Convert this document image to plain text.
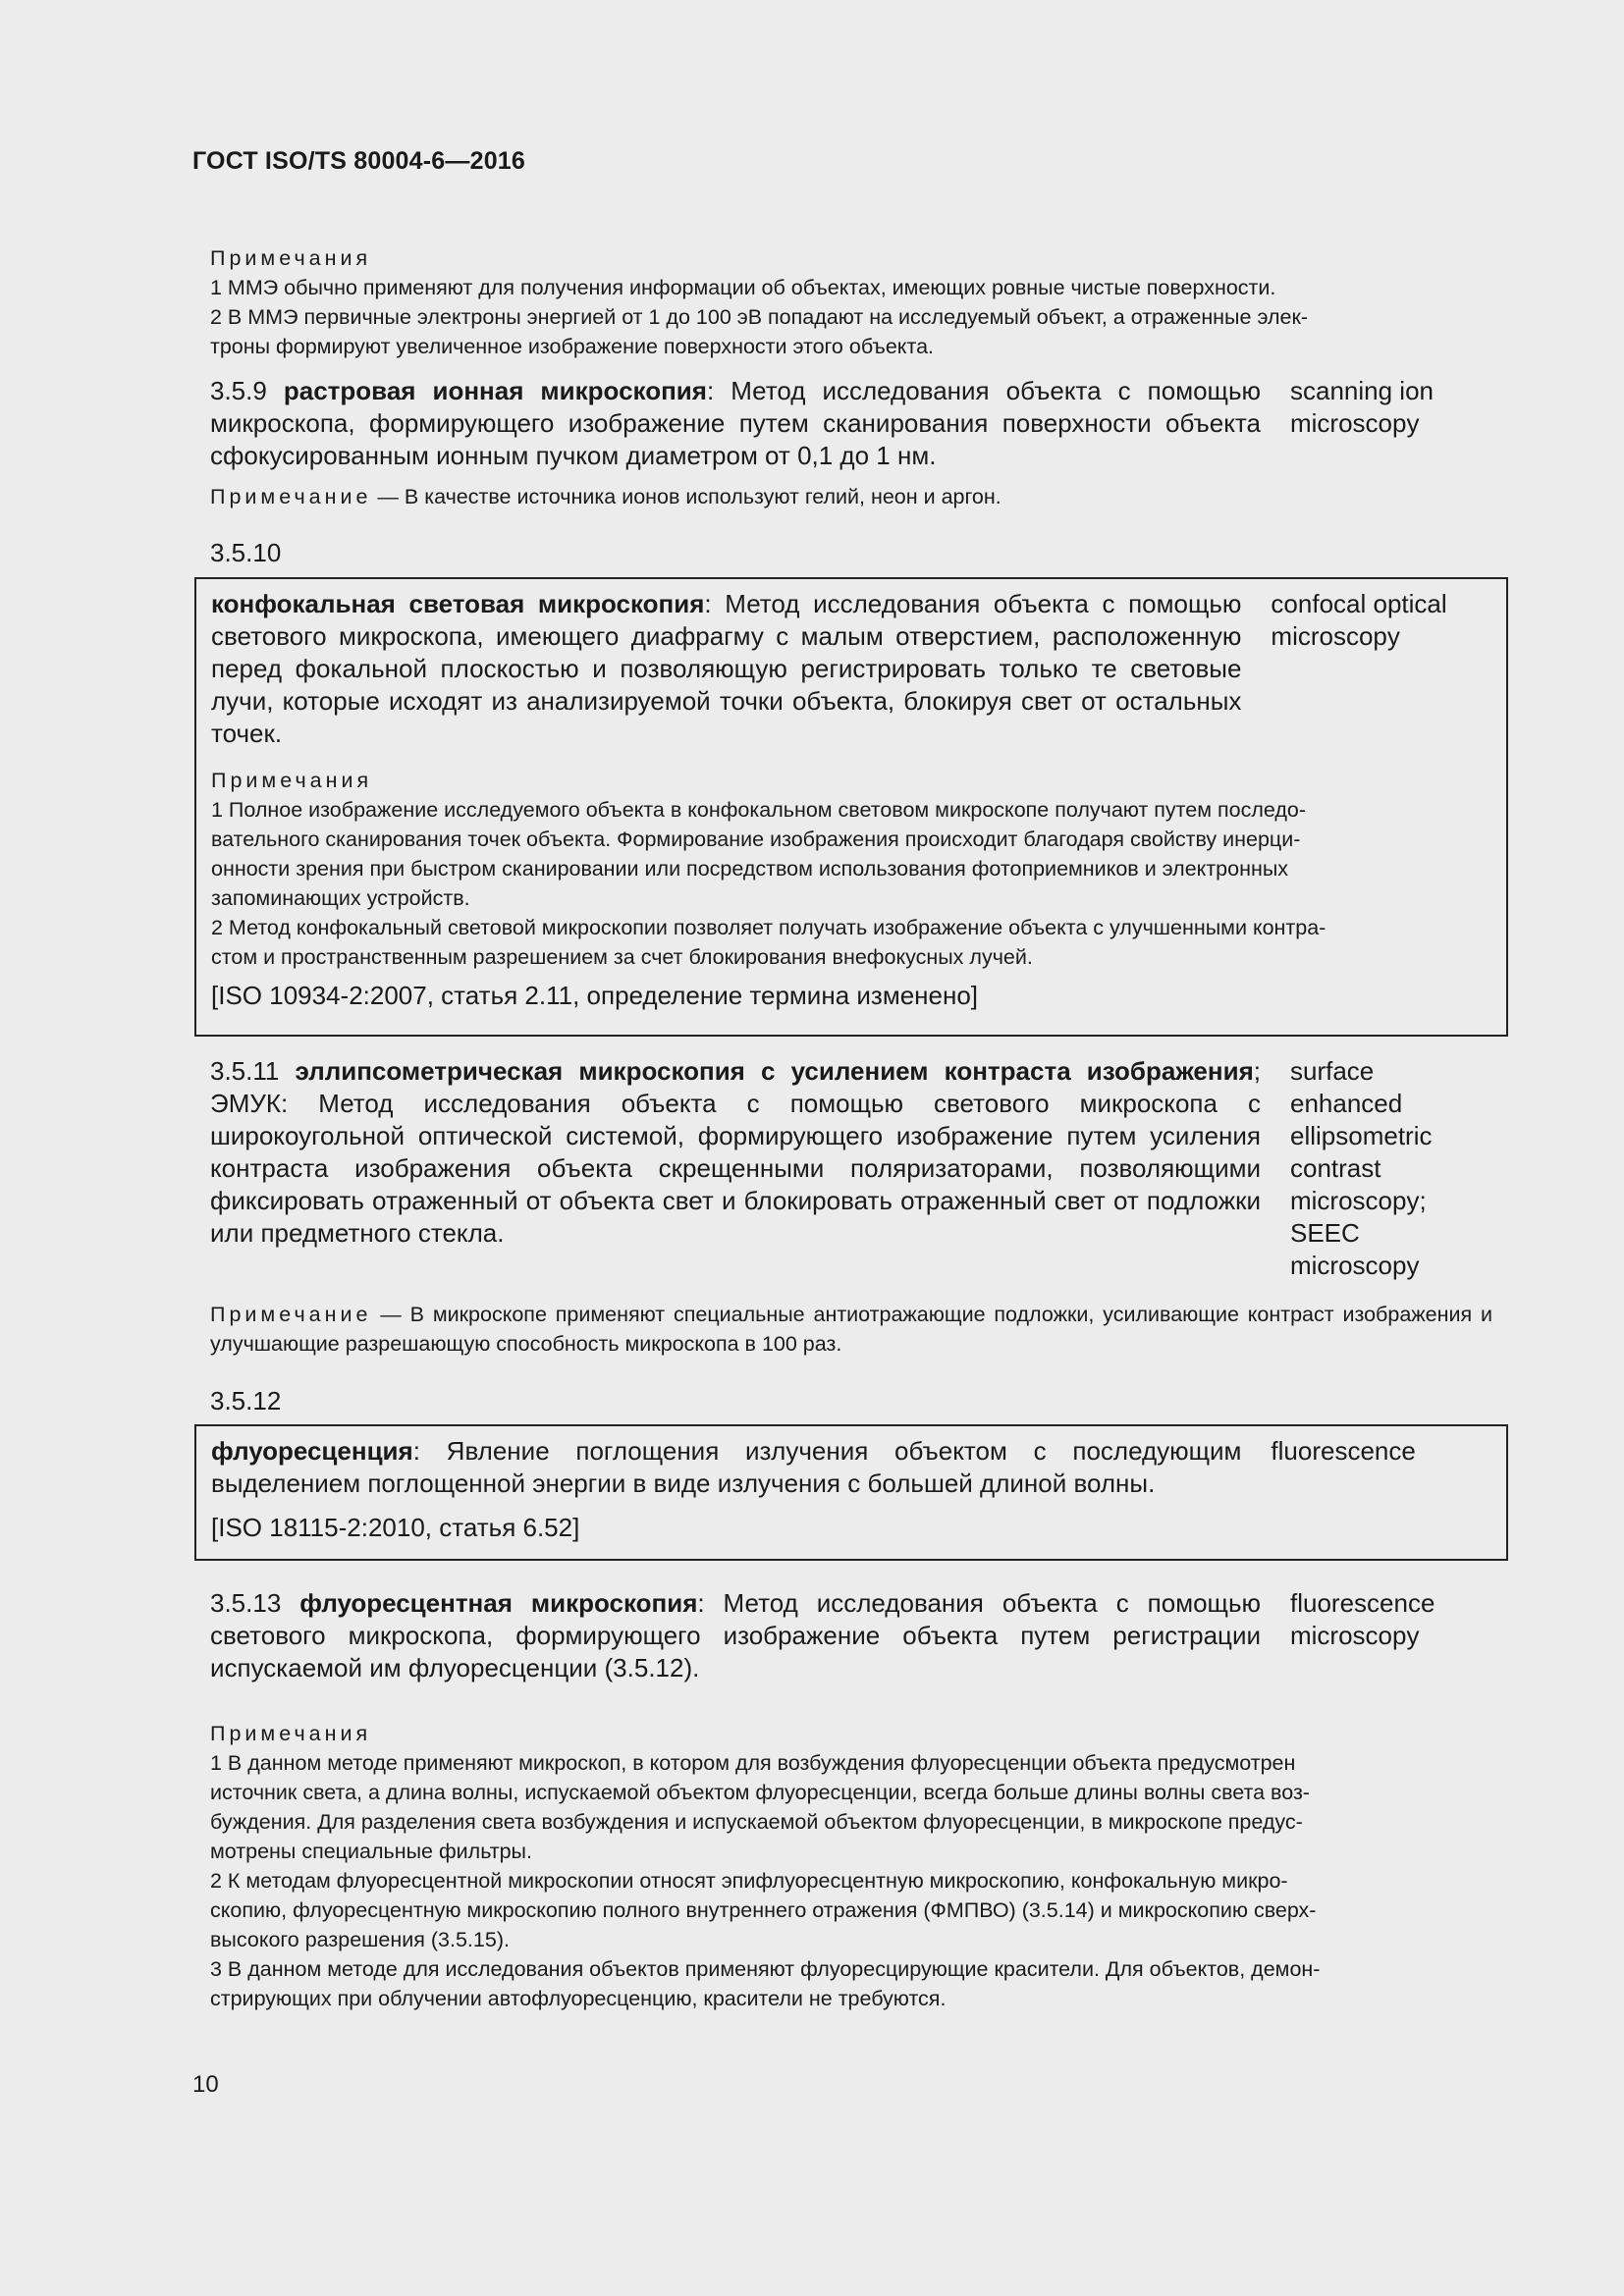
ГОСТ ISO/TS 80004-6—2016

Примечания

1 ММЭ обычно применяют для получения информации об объектах, имеющих ровные чистые поверхности.

2 В ММЭ первичные электроны энергией от 1 до 100 эВ попадают на исследуемый объект, а отраженные элек-

троны формируют увеличенное изображение поверхности этого объекта.

3.5.9 растровая ионная микроскопия: Метод исследования объекта с помощью микроскопа, формирующего изображение путем сканирования поверхности объекта сфокусированным ионным пучком диаметром от 0,1 до 1 нм.
scanning ion microscopy

Примечание — В качестве источника ионов используют гелий, неон и аргон.

3.5.10
конфокальная световая микроскопия: Метод исследования объекта с помощью светового микроскопа, имеющего диафрагму с малым отверстием, расположенную перед фокальной плоскостью и позволяющую регистрировать только те световые лучи, которые исходят из анализируемой точки объекта, блокируя свет от остальных точек.
confocal optical microscopy

Примечания

1 Полное изображение исследуемого объекта в конфокальном световом микроскопе получают путем последо-

вательного сканирования точек объекта. Формирование изображения происходит благодаря свойству инерци-

онности зрения при быстром сканировании или посредством использования фотоприемников и электронных

запоминающих устройств.

2 Метод конфокальный световой микроскопии позволяет получать изображение объекта с улучшенными контра-

стом и пространственным разрешением за счет блокирования внефокусных лучей.

[ISO 10934-2:2007, статья 2.11, определение термина изменено]

3.5.11 эллипсометрическая микроскопия с усилением контраста изображения; ЭМУК: Метод исследования объекта с помощью светового микроскопа с широкоугольной оптической системой, формирующего изображение путем усиления контраста изображения объекта скрещенными поляризаторами, позволяющими фиксировать отраженный от объекта свет и блокировать отраженный свет от подложки или предметного стекла.
surface
enhanced
ellipsometric
contrast
microscopy;
SEEC
microscopy

Примечание — В микроскопе применяют специальные антиотражающие подложки, усиливающие контраст изображения и улучшающие разрешающую способность микроскопа в 100 раз.

3.5.12
флуоресценция: Явление поглощения излучения объектом с последующим выделением поглощенной энергии в виде излучения с большей длиной волны.
fluorescence

[ISO 18115-2:2010, статья 6.52]

3.5.13 флуоресцентная микроскопия: Метод исследования объекта с помощью светового микроскопа, формирующего изображение объекта путем регистрации испускаемой им флуоресценции (3.5.12).
fluorescence microscopy

Примечания

1 В данном методе применяют микроскоп, в котором для возбуждения флуоресценции объекта предусмотрен

источник света, а длина волны, испускаемой объектом флуоресценции, всегда больше длины волны света воз-

буждения. Для разделения света возбуждения и испускаемой объектом флуоресценции, в микроскопе предус-

мотрены специальные фильтры.

2 К методам флуоресцентной микроскопии относят эпифлуоресцентную микроскопию, конфокальную микро-

скопию, флуоресцентную микроскопию полного внутреннего отражения (ФМПВО) (3.5.14) и микроскопию сверх-

высокого разрешения (3.5.15).

3 В данном методе для исследования объектов применяют флуоресцирующие красители. Для объектов, демон-

стрирующих при облучении автофлуоресценцию, красители не требуются.

10
